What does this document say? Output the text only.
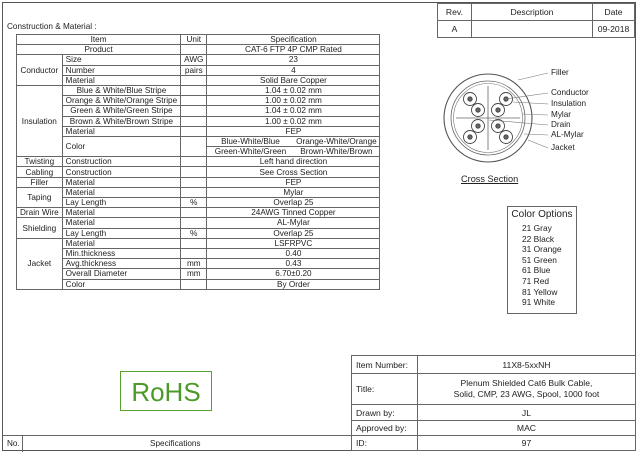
Construction & Material :
Item		Unit	Specification
Product			CAT-6 FTP 4P CMP Rated
Conductor	Size	AWG	23
	Number	pairs	4
	Material		Solid Bare Copper
Insulation	Blue & White/Blue Stripe		1.04 ± 0.02 mm
	Orange & White/Orange Stripe		1.00 ± 0.02 mm
	Green & White/Green Stripe		1.04 ± 0.02 mm
	Brown & White/Brown Stripe		1.00 ± 0.02 mm
	Material		FEP
	Color		Blue-White/Blue Orange-White/Orange
			Green-White/Green Brown-White/Brown
Twisting	Construction		Left hand direction
Cabling	Construction		See Cross Section
Filler	Material		FEP
Taping	Material		Mylar
	Lay Length	%	Overlap 25
Drain Wire	Material		24AWG Tinned Copper
Shielding	Material		AL-Mylar
	Lay Length	%	Overlap 25
Jacket	Material		LSFRPVC
	Min.thickness		0.40
	Avg.thickness	mm	0.43
	Overall Diameter	mm	6.70±0.20
	Color		By Order
Rev.	Description	Date
A		09-2018
Filler
Conductor
Insulation
Mylar
Drain
AL-Mylar
Jacket
Cross Section
Color Options
21 Gray
22 Black
31 Orange
51 Green
61 Blue
71 Red
81 Yellow
91 White
RoHS
Item Number:	11X8-5xxNH
Title:	Plenum Shielded Cat6 Bulk Cable,
Solid, CMP, 23 AWG, Spool, 1000 foot

Drawn by:	JL
Approved by:	MAC
ID:	97
No.	Specifications
